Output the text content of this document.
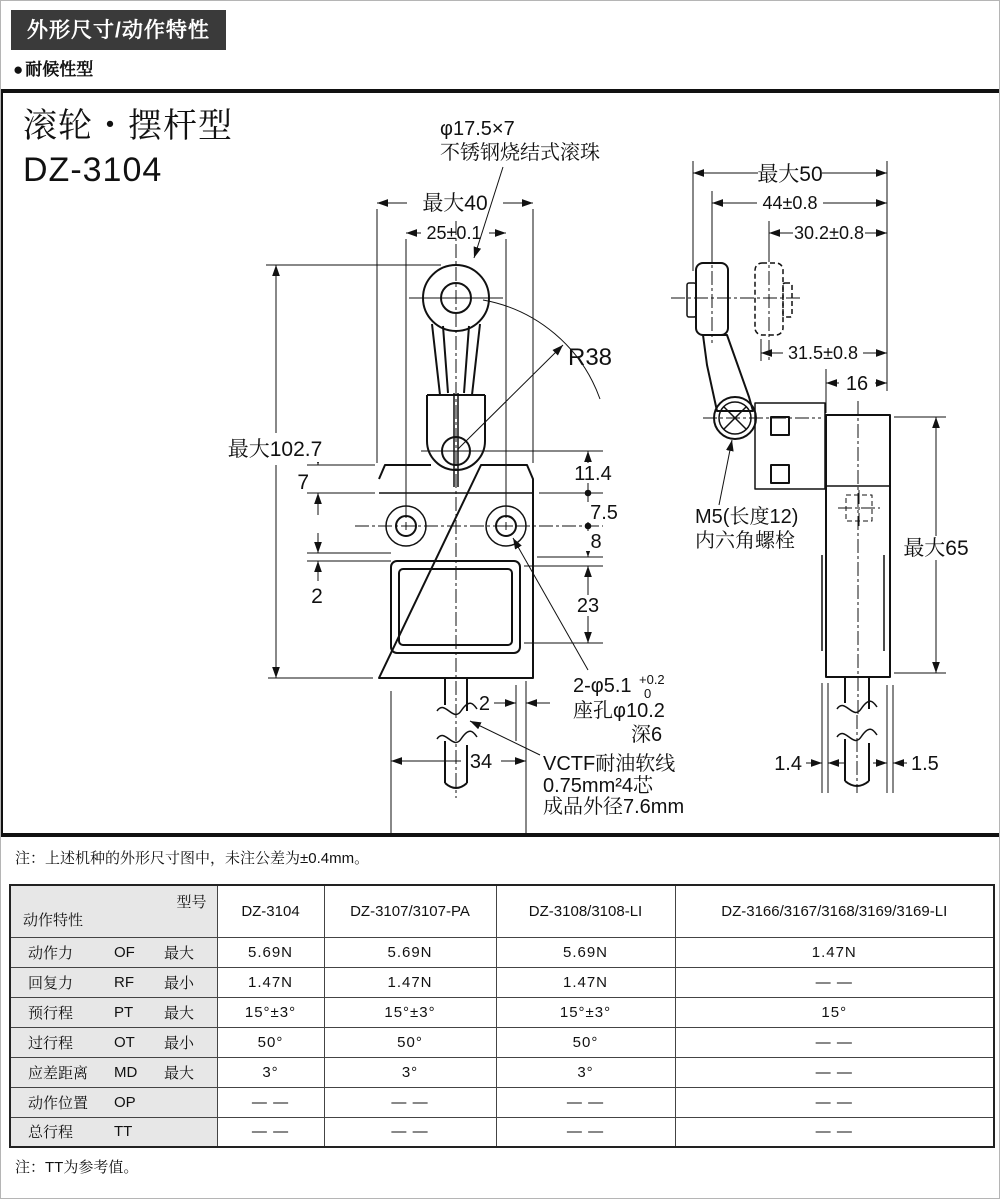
外形尺寸/动作特性
● 耐候性型
滚轮・摆杆型
DZ-3104
φ17.5×7
不锈钢烧结式滚珠
最大40
25±0.1
R38
最大102.7
7
2
11.4
7.5
8
23
2-φ5.1 +0.2
0
座孔φ10.2
深6
2
34	VCTF耐油软线
0.75mm²4芯
成品外径7.6mm
最大50
44±0.8
30.2±0.8
31.5±0.8
16
M5(长度12)
内六角螺栓	最大65
1.4	1.5
注：上述机种的外形尺寸图中，未注公差为±0.4mm。
型号
动作特性	DZ-3104	DZ-3107/3107-PA	DZ-3108/3108-LI	DZ-3166/3167/3168/3169/3169-LI

动作力 OF 最大	5.69N	5.69N	5.69N	1.47N

回复力 RF 最小	1.47N	1.47N	1.47N	— —

预行程 PT 最大	15°±3°	15°±3°	15°±3°	15°

过行程 OT 最小	50°	50°	50°	— —

应差距离 MD 最大	3°	3°	3°	— —

动作位置 OP	— —	— —	— —	— —

总行程 TT	— —	— —	— —	— —
注：TT为参考值。
